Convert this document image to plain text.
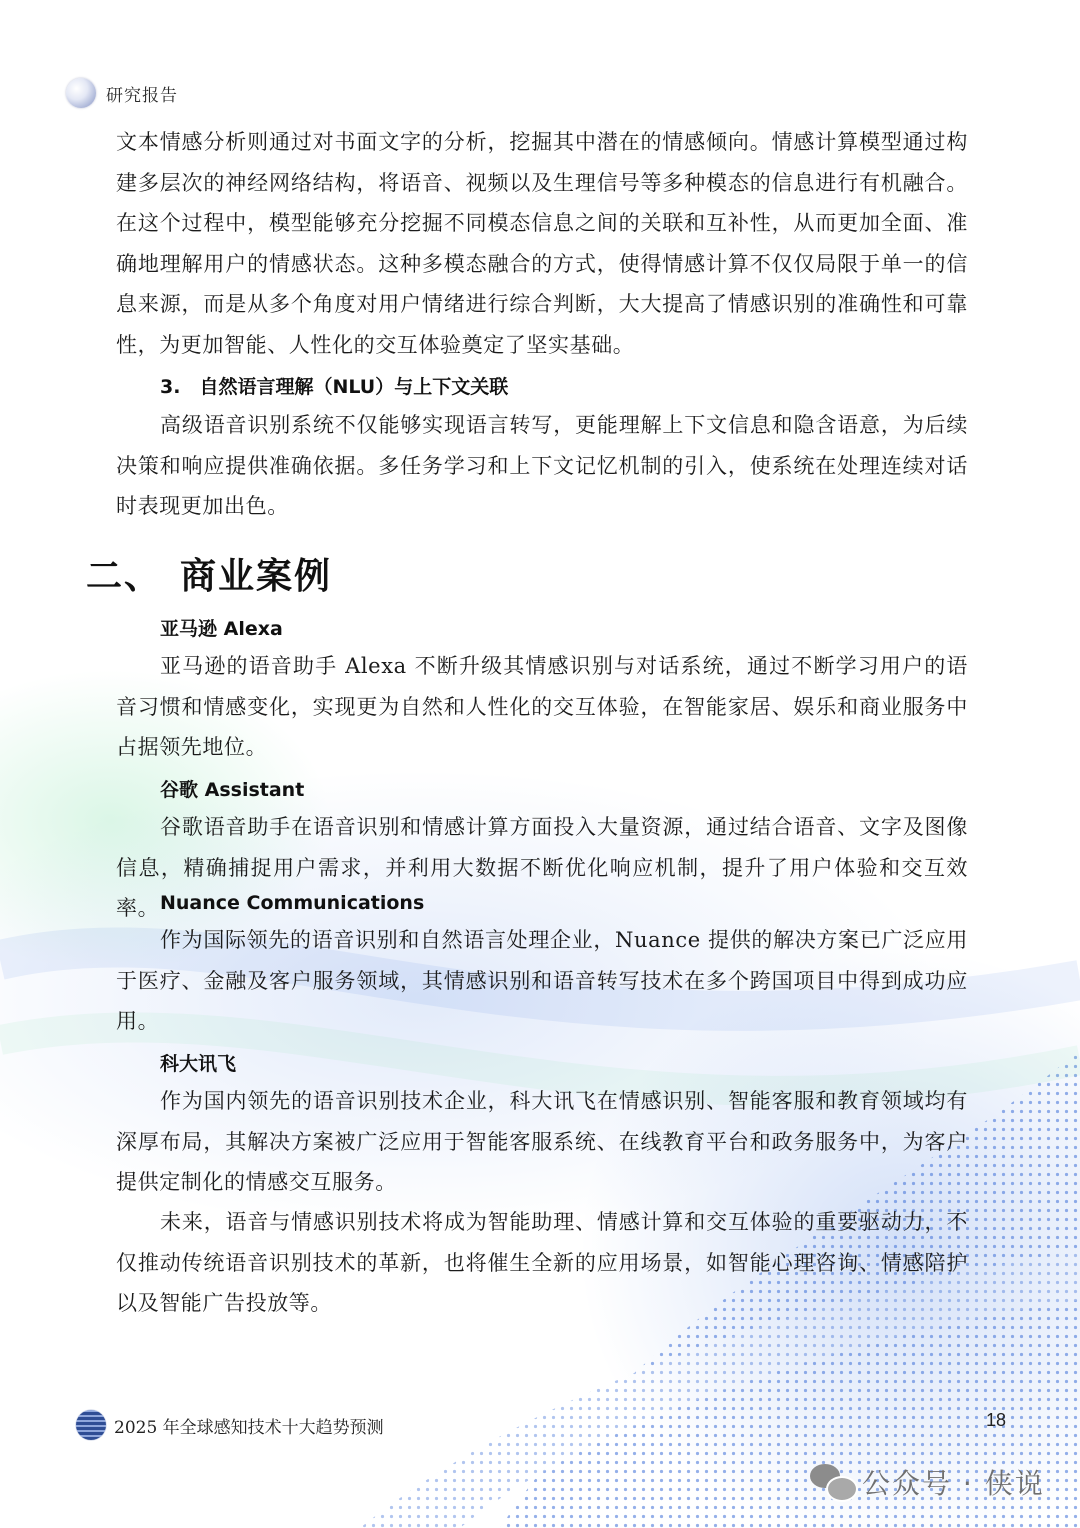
研究报告

文本情感分析则通过对书面文字的分析，挖掘其中潜在的情感倾向。情感计算模型通过构建多层次的神经网络结构，将语音、视频以及生理信号等多种模态的信息进行有机融合。在这个过程中，模型能够充分挖掘不同模态信息之间的关联和互补性，从而更加全面、准确地理解用户的情感状态。这种多模态融合的方式，使得情感计算不仅仅局限于单一的信息来源，而是从多个角度对用户情绪进行综合判断，大大提高了情感识别的准确性和可靠性，为更加智能、人性化的交互体验奠定了坚实基础。

3.　自然语言理解（NLU）与上下文关联

高级语音识别系统不仅能够实现语言转写，更能理解上下文信息和隐含语意，为后续决策和响应提供准确依据。多任务学习和上下文记忆机制的引入，使系统在处理连续对话时表现更加出色。

二、 商业案例
亚马逊 Alexa

亚马逊的语音助手 Alexa 不断升级其情感识别与对话系统，通过不断学习用户的语音习惯和情感变化，实现更为自然和人性化的交互体验，在智能家居、娱乐和商业服务中占据领先地位。

谷歌 Assistant

谷歌语音助手在语音识别和情感计算方面投入大量资源，通过结合语音、文字及图像信息，精确捕捉用户需求，并利用大数据不断优化响应机制，提升了用户体验和交互效率。 Nuance Communications

作为国际领先的语音识别和自然语言处理企业，Nuance 提供的解决方案已广泛应用于医疗、金融及客户服务领域，其情感识别和语音转写技术在多个跨国项目中得到成功应用。

科大讯飞

作为国内领先的语音识别技术企业，科大讯飞在情感识别、智能客服和教育领域均有深厚布局，其解决方案被广泛应用于智能客服系统、在线教育平台和政务服务中，为客户提供定制化的情感交互服务。

未来，语音与情感识别技术将成为智能助理、情感计算和交互体验的重要驱动力，不仅推动传统语音识别技术的革新，也将催生全新的应用场景，如智能心理咨询、情感陪护以及智能广告投放等。

2025 年全球感知技术十大趋势预测	18
公众号 · 侠说
